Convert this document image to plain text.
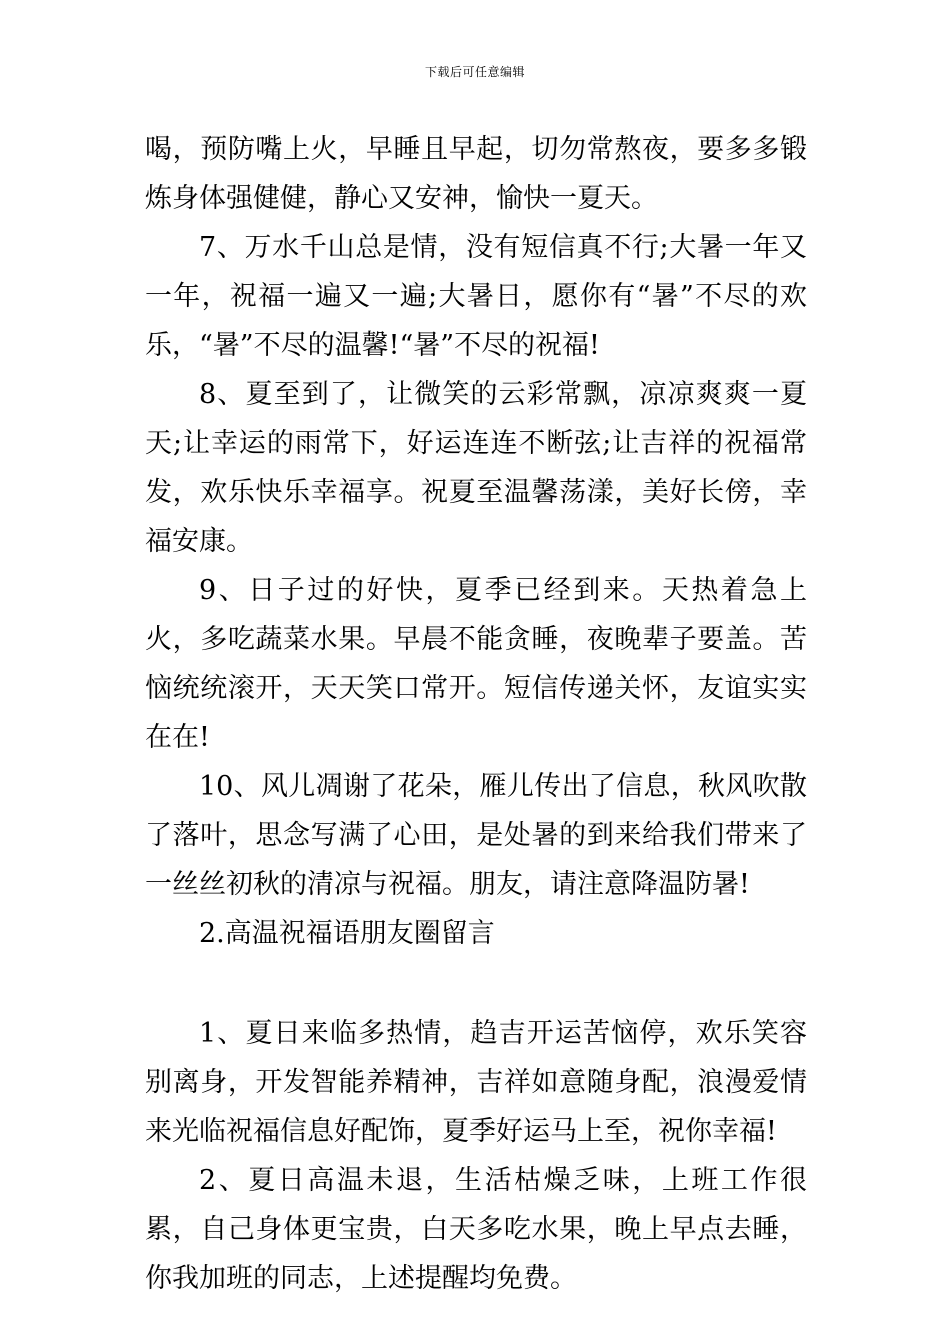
下载后可任意编辑

喝，预防嘴上火，早睡且早起，切勿常熬夜，要多多锻炼身体强健健，静心又安神，愉快一夏天。

7、万水千山总是情，没有短信真不行;大暑一年又一年，祝福一遍又一遍;大暑日，愿你有“暑”不尽的欢乐，“暑”不尽的温馨!“暑”不尽的祝福!

8、夏至到了，让微笑的云彩常飘，凉凉爽爽一夏天;让幸运的雨常下，好运连连不断弦;让吉祥的祝福常发，欢乐快乐幸福享。祝夏至温馨荡漾，美好长傍，幸福安康。

9、日子过的好快，夏季已经到来。天热着急上火，多吃蔬菜水果。早晨不能贪睡，夜晚辈子要盖。苦恼统统滚开，天天笑口常开。短信传递关怀，友谊实实在在!

10、风儿凋谢了花朵，雁儿传出了信息，秋风吹散了落叶，思念写满了心田，是处暑的到来给我们带来了一丝丝初秋的清凉与祝福。朋友，请注意降温防暑!

2.高温祝福语朋友圈留言

1、夏日来临多热情，趋吉开运苦恼停，欢乐笑容别离身，开发智能养精神，吉祥如意随身配，浪漫爱情来光临祝福信息好配饰，夏季好运马上至，祝你幸福!

2、夏日高温未退，生活枯燥乏味，上班工作很累，自己身体更宝贵，白天多吃水果，晚上早点去睡，你我加班的同志，上述提醒均免费。
